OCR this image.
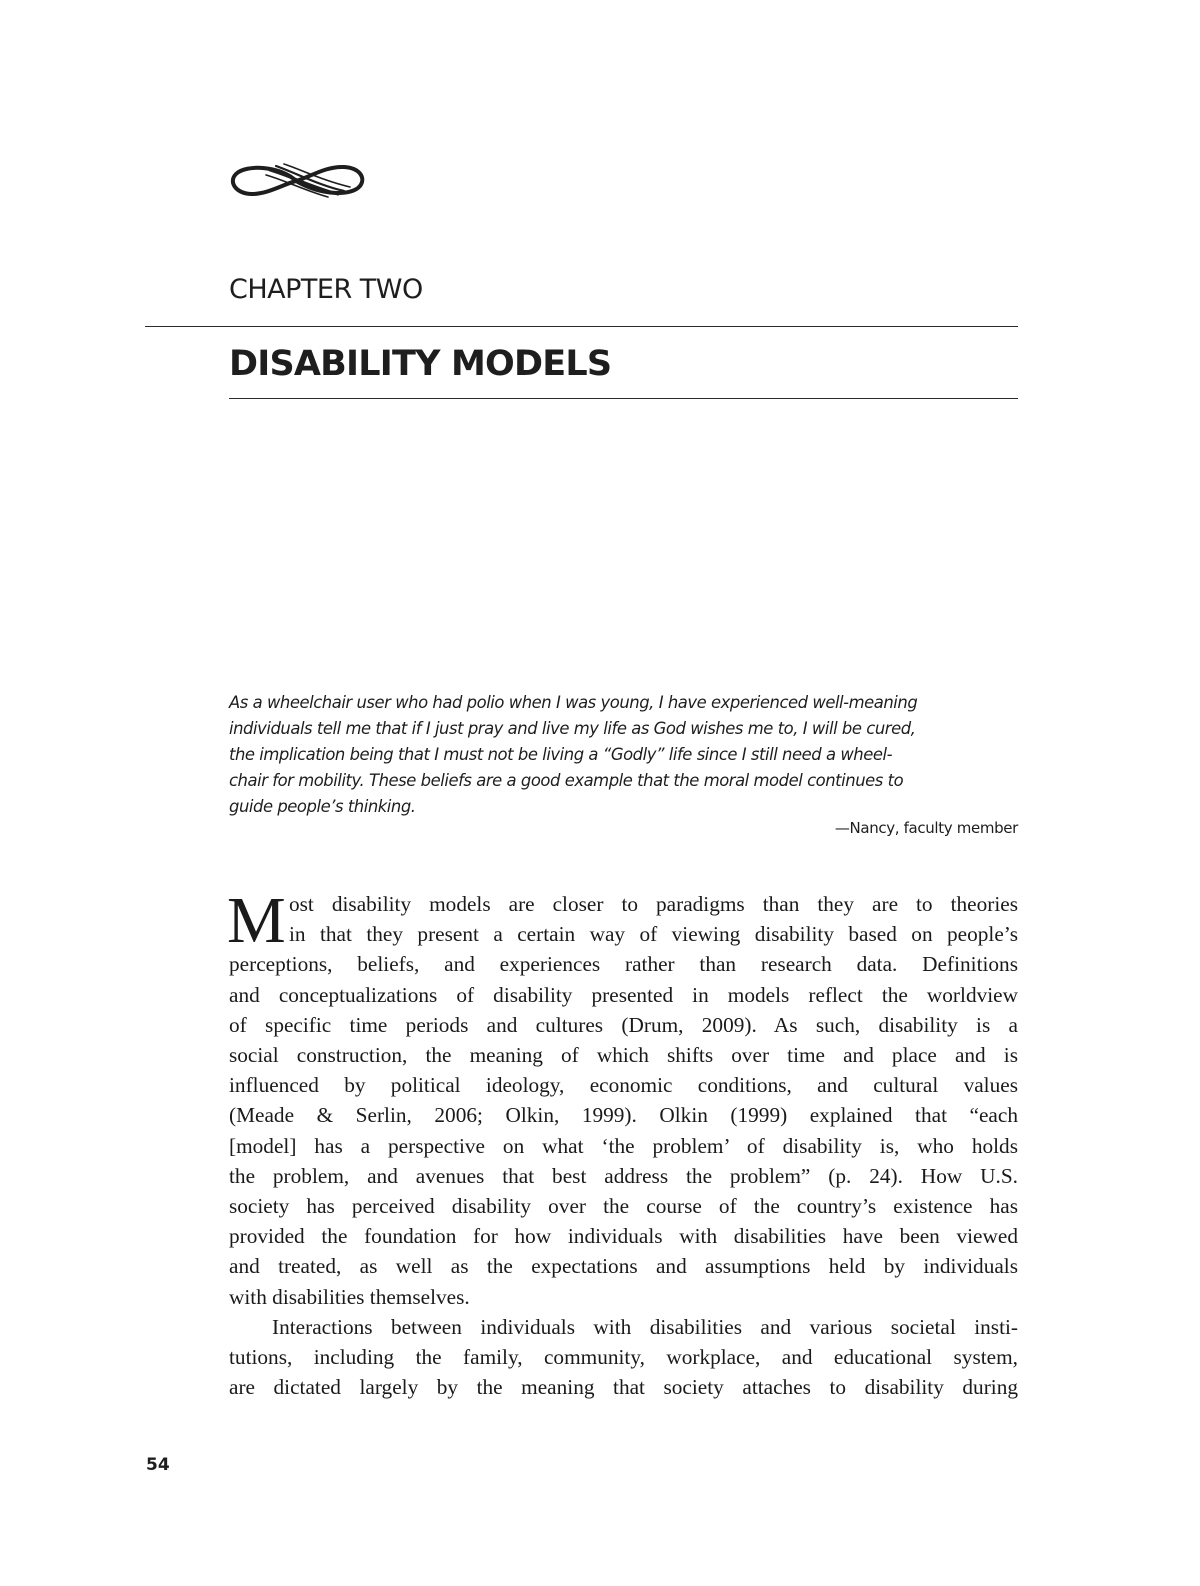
CHAPTER TWO
DISABILITY MODELS
As a wheelchair user who had polio when I was young, I have experienced well-meaning
individuals tell me that if I just pray and live my life as God wishes me to, I will be cured,
the implication being that I must not be living a “Godly” life since I still need a wheel-
chair for mobility. These beliefs are a good example that the moral model continues to
guide people’s thinking.
—Nancy, faculty member
M ost disability models are closer to paradigms than they are to theories
in that they present a certain way of viewing disability based on people’s
perceptions, beliefs, and experiences rather than research data. Definitions
and conceptualizations of disability presented in models reflect the worldview
of specific time periods and cultures (Drum, 2009). As such, disability is a
social construction, the meaning of which shifts over time and place and is
influenced by political ideology, economic conditions, and cultural values
(Meade & Serlin, 2006; Olkin, 1999). Olkin (1999) explained that “each
[model] has a perspective on what ‘the problem’ of disability is, who holds
the problem, and avenues that best address the problem” (p. 24). How U.S.
society has perceived disability over the course of the country’s existence has
provided the foundation for how individuals with disabilities have been viewed
and treated, as well as the expectations and assumptions held by individuals
with disabilities themselves.
Interactions between individuals with disabilities and various societal insti-
tutions, including the family, community, workplace, and educational system,
are dictated largely by the meaning that society attaches to disability during
54
